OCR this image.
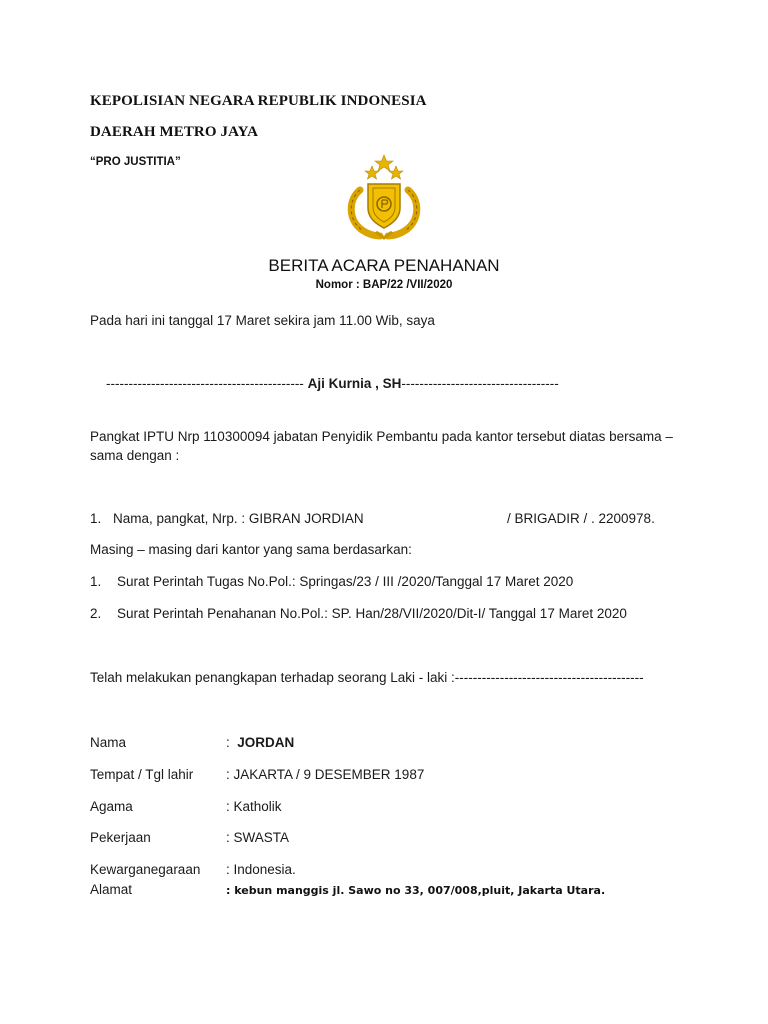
KEPOLISIAN NEGARA REPUBLIK INDONESIA
DAERAH METRO JAYA
“PRO JUSTITIA”
BERITA ACARA PENAHANAN
Nomor : BAP/22 /VII/2020
Pada hari ini tanggal 17 Maret sekira jam 11.00 Wib, saya
-------------------------------------------- Aji Kurnia , SH-----------------------------------
Pangkat IPTU Nrp 110300094 jabatan Penyidik Pembantu pada kantor tersebut diatas bersama – sama dengan :
1. Nama, pangkat, Nrp. : GIBRAN JORDIAN	/ BRIGADIR / . 2200978.
Masing – masing dari kantor yang sama berdasarkan:
1. Surat Perintah Tugas No.Pol.: Springas/23 / III /2020/Tanggal 17 Maret 2020
2. Surat Perintah Penahanan No.Pol.: SP. Han/28/VII/2020/Dit-I/ Tanggal 17 Maret 2020
Telah melakukan penangkapan terhadap seorang Laki - laki :------------------------------------------
Nama	:  JORDAN
Tempat / Tgl lahir : JAKARTA / 9 DESEMBER 1987
Agama	: Katholik
Pekerjaan	: SWASTA
Kewarganegaraan : Indonesia.
Alamat	: kebun manggis jl. Sawo no 33, 007/008,pluit, Jakarta Utara.
